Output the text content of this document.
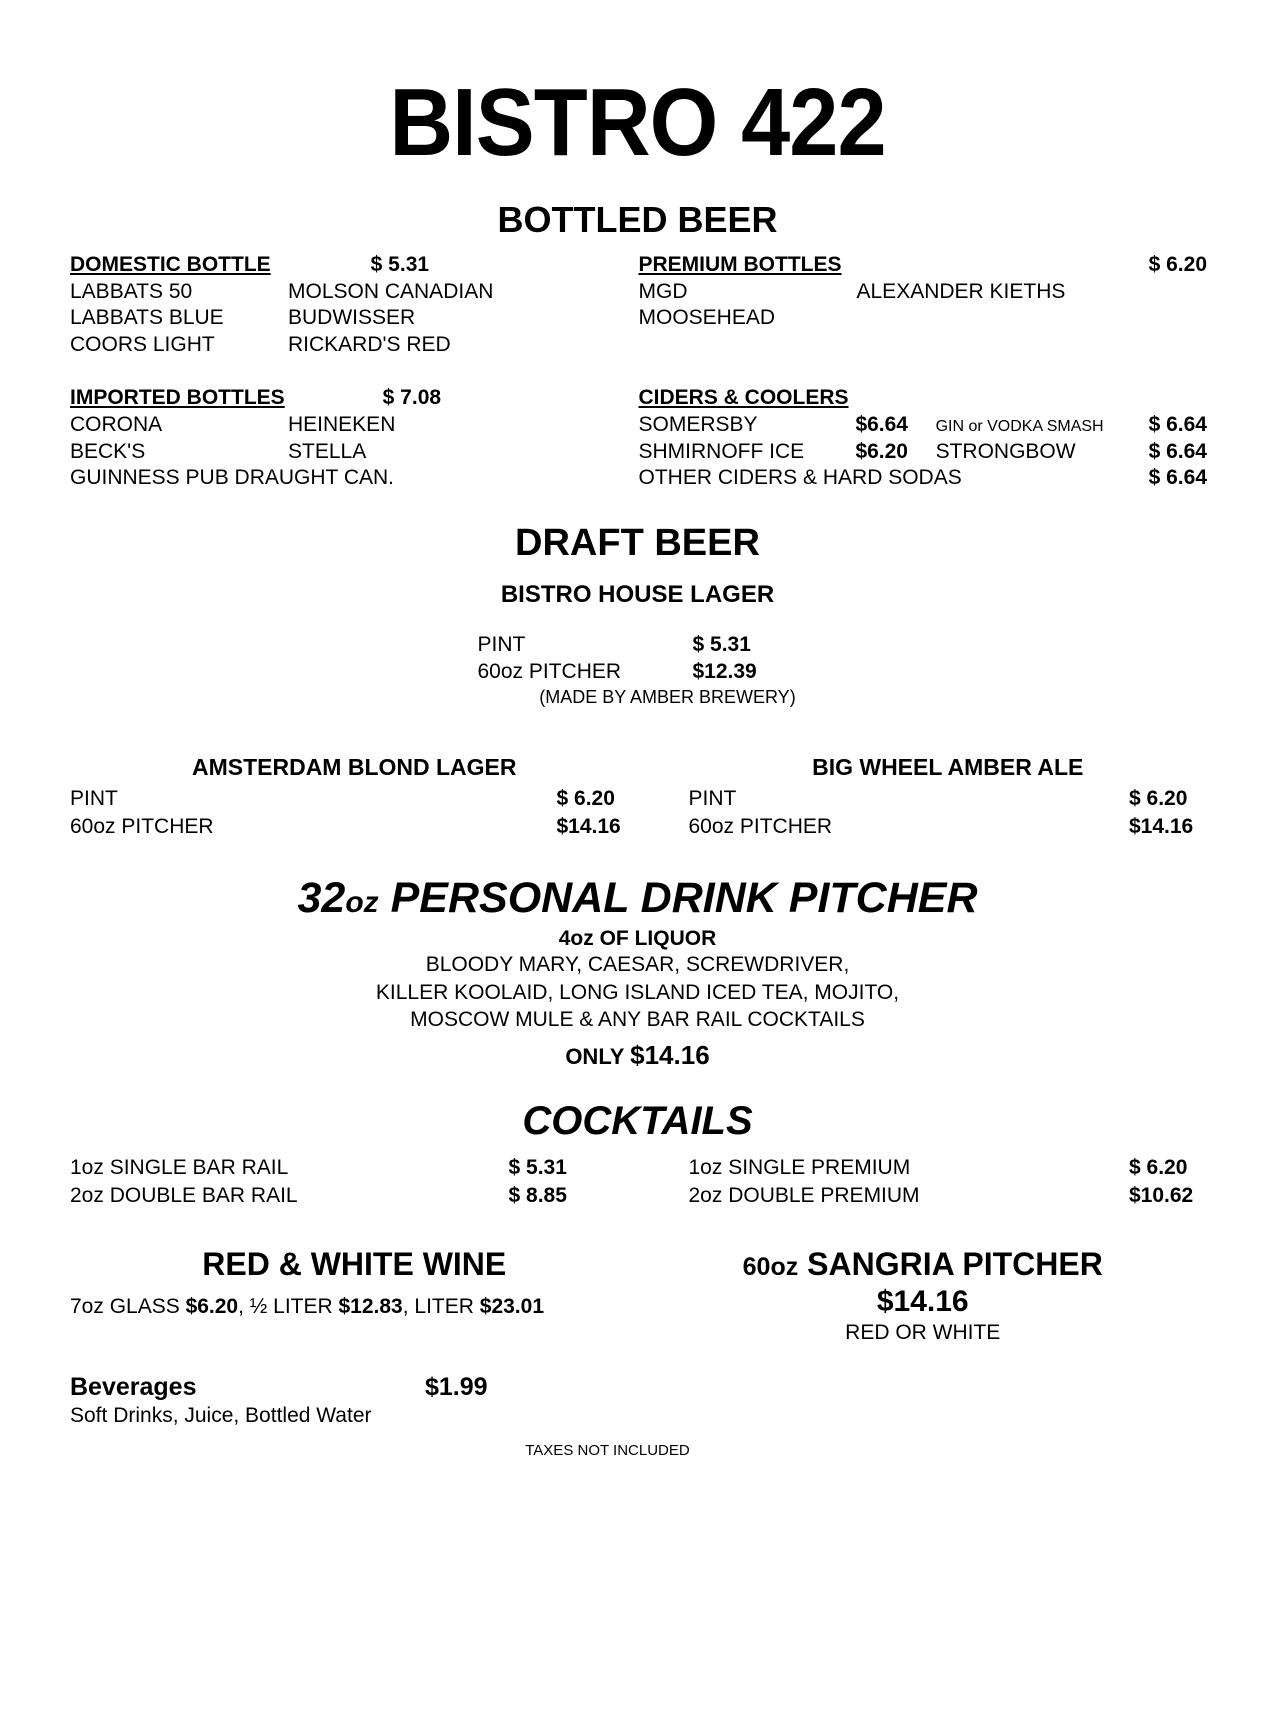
BISTRO 422
BOTTLED BEER
DOMESTIC BOTTLE	$ 5.31
LABBATS 50	MOLSON CANADIAN
LABBATS BLUE	BUDWISSER
COORS LIGHT	RICKARD'S RED
PREMIUM BOTTLES	$ 6.20
MGD	ALEXANDER KIETHS
MOOSEHEAD

IMPORTED BOTTLES	$ 7.08
CORONA	HEINEKEN
BECK'S	STELLA
GUINNESS PUB DRAUGHT CAN.
CIDERS & COOLERS
SOMERSBY	$6.64	GIN or VODKA SMASH	$ 6.64
SHMIRNOFF ICE	$6.20	STRONGBOW	$ 6.64
OTHER CIDERS & HARD SODAS	$ 6.64
DRAFT BEER
BISTRO HOUSE LAGER
PINT	$ 5.31
60oz PITCHER	$12.39
(MADE BY AMBER BREWERY)
AMSTERDAM BLOND LAGER
PINT	$ 6.20
60oz PITCHER	$14.16
BIG WHEEL AMBER ALE
PINT	$ 6.20
60oz PITCHER	$14.16
32oz PERSONAL DRINK PITCHER
4oz OF LIQUOR
BLOODY MARY, CAESAR, SCREWDRIVER,
KILLER KOOLAID, LONG ISLAND ICED TEA, MOJITO,
MOSCOW MULE & ANY BAR RAIL COCKTAILS
ONLY $14.16
COCKTAILS
1oz SINGLE BAR RAIL	$ 5.31
2oz DOUBLE BAR RAIL	$ 8.85
1oz SINGLE PREMIUM	$ 6.20
2oz DOUBLE PREMIUM	$10.62
RED & WHITE WINE
7oz GLASS $6.20, ½ LITER $12.83, LITER $23.01
60oz SANGRIA PITCHER
$14.16
RED OR WHITE
Beverages	$1.99
Soft Drinks, Juice, Bottled Water
TAXES NOT INCLUDED
